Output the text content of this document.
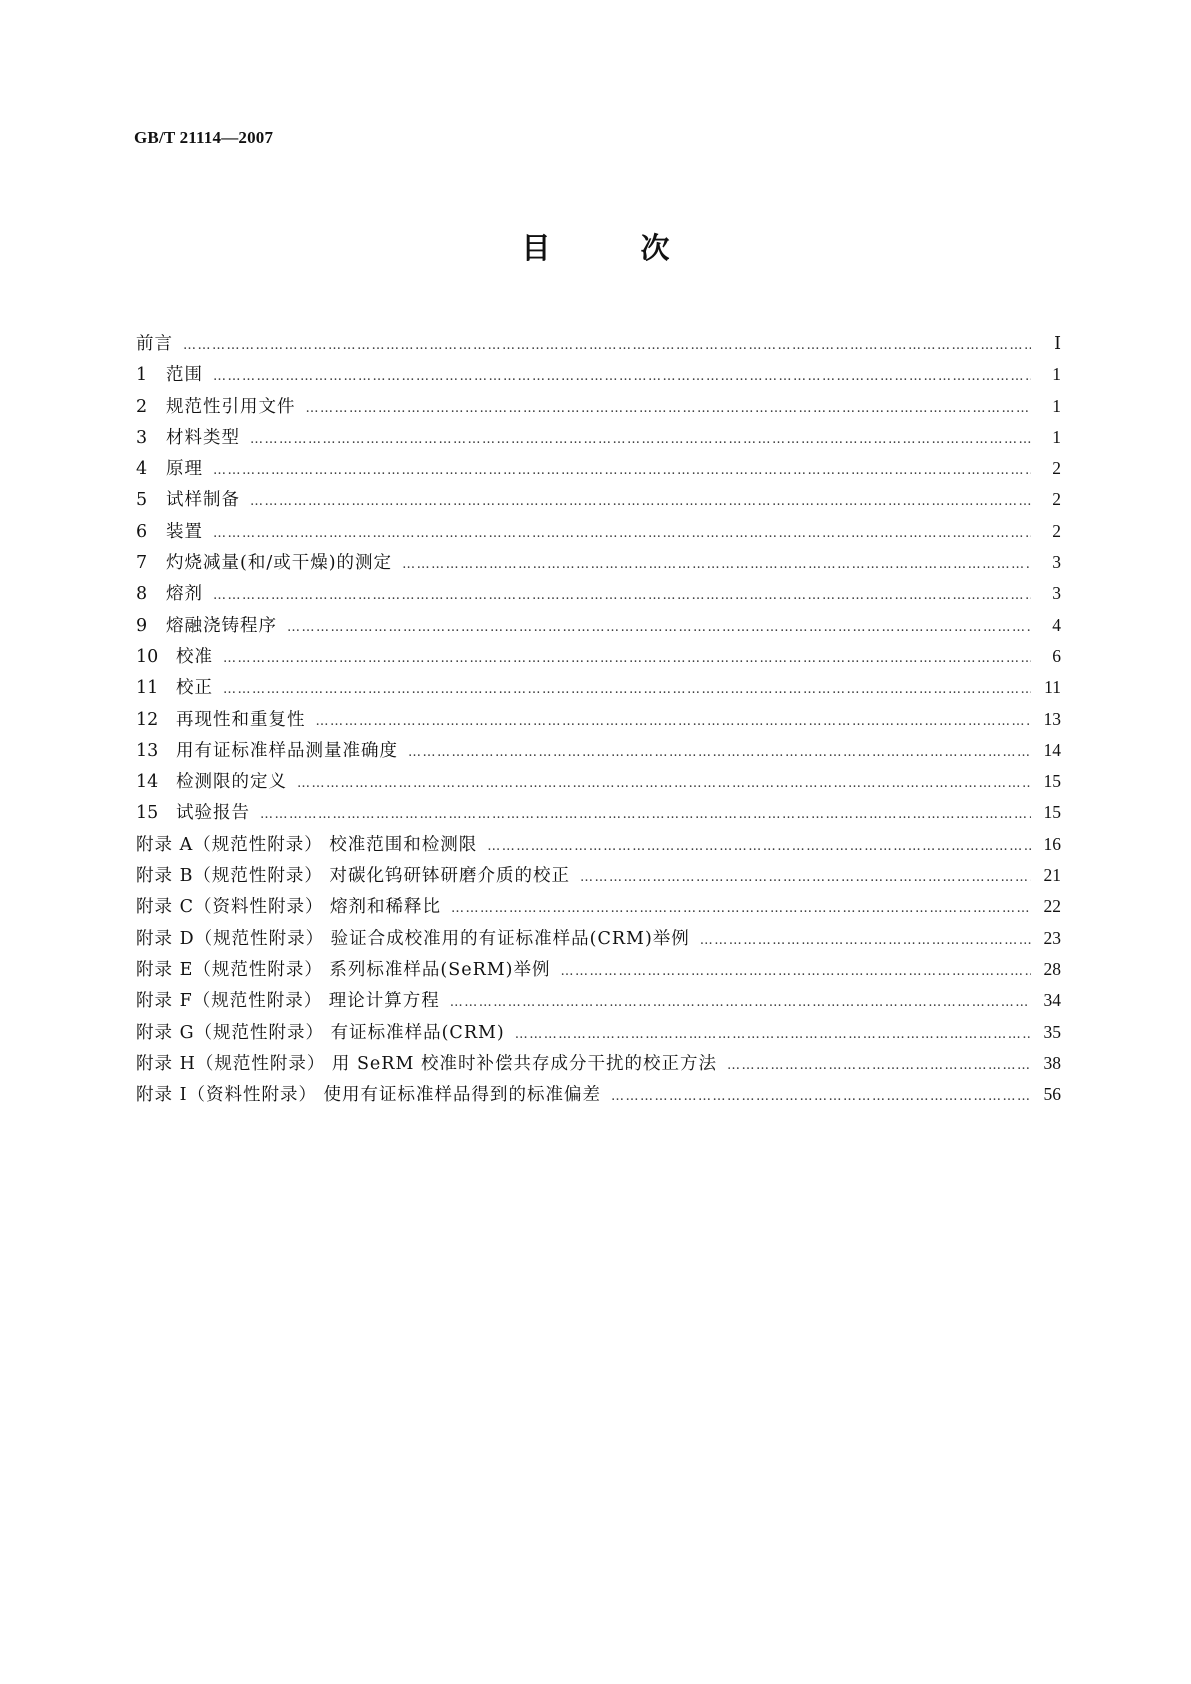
GB/T 21114—2007
目 次
前言 …………………………………………………………………………………………………………………………………………………………………………………………………………………………	Ⅰ
1 范围 …………………………………………………………………………………………………………………………………………………………………………………………………………………………	1
2 规范性引用文件 …………………………………………………………………………………………………………………………………………………………………………………………………………………………	1
3 材料类型 …………………………………………………………………………………………………………………………………………………………………………………………………………………………	1
4 原理 …………………………………………………………………………………………………………………………………………………………………………………………………………………………	2
5 试样制备 …………………………………………………………………………………………………………………………………………………………………………………………………………………………	2
6 装置 …………………………………………………………………………………………………………………………………………………………………………………………………………………………	2
7 灼烧减量(和/或干燥)的测定 …………………………………………………………………………………………………………………………………………………………………………………………………………………………	3
8 熔剂 …………………………………………………………………………………………………………………………………………………………………………………………………………………………	3
9 熔融浇铸程序 …………………………………………………………………………………………………………………………………………………………………………………………………………………………	4
10 校准 …………………………………………………………………………………………………………………………………………………………………………………………………………………………	6
11 校正 …………………………………………………………………………………………………………………………………………………………………………………………………………………………	11
12 再现性和重复性 …………………………………………………………………………………………………………………………………………………………………………………………………………………………	13
13 用有证标准样品测量准确度 …………………………………………………………………………………………………………………………………………………………………………………………………………………………	14
14 检测限的定义 …………………………………………………………………………………………………………………………………………………………………………………………………………………………	15
15 试验报告 …………………………………………………………………………………………………………………………………………………………………………………………………………………………	15
附录 A（规范性附录） 校准范围和检测限 …………………………………………………………………………………………………………………………………………………………………………………………………………………………	16
附录 B（规范性附录） 对碳化钨研钵研磨介质的校正 …………………………………………………………………………………………………………………………………………………………………………………………………………………………	21
附录 C（资料性附录） 熔剂和稀释比 …………………………………………………………………………………………………………………………………………………………………………………………………………………………	22
附录 D（规范性附录） 验证合成校准用的有证标准样品(CRM)举例 …………………………………………………………………………………………………………………………………………………………………………………………………………………………	23
附录 E（规范性附录） 系列标准样品(SeRM)举例 …………………………………………………………………………………………………………………………………………………………………………………………………………………………	28
附录 F（规范性附录） 理论计算方程 …………………………………………………………………………………………………………………………………………………………………………………………………………………………	34
附录 G（规范性附录） 有证标准样品(CRM) …………………………………………………………………………………………………………………………………………………………………………………………………………………………	35
附录 H（规范性附录） 用 SeRM 校准时补偿共存成分干扰的校正方法 …………………………………………………………………………………………………………………………………………………………………………………………………………………………	38
附录 I（资料性附录） 使用有证标准样品得到的标准偏差 …………………………………………………………………………………………………………………………………………………………………………………………………………………………	56
